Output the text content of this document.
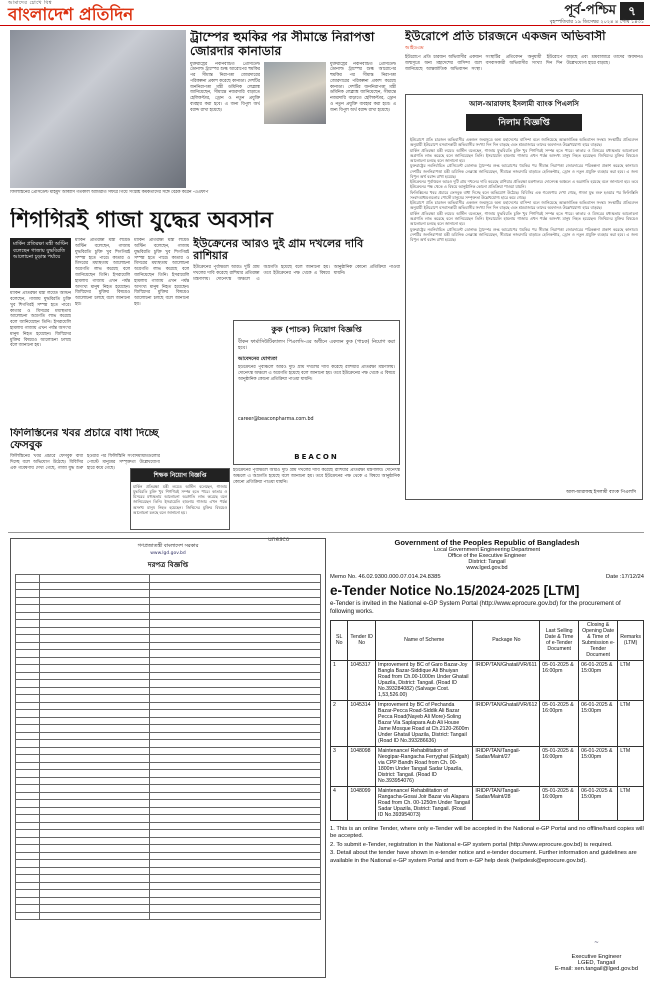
আমাদের চোখে বিশ্ব
বাংলাদেশ প্রতিদিন	পূর্ব-পশ্চিম	৭
বৃহস্পতিবার ১৯ ডিসেম্বর ২০২৪ ৪ পৌষ ১৪৩১
ফিলিস্তিনের প্রেসিডেন্ট মাহমুদ আব্বাস গতকাল আমিরাত সফরে গিয়ে সংশ্লিষ্ট কর্মকর্তাদের সঙ্গে বৈঠক করেন -এএফপি
ট্রাম্পের হুমকির পর সীমান্তে নিরাপত্তা জোরদার কানাডার
যুক্তরাষ্ট্রের নবনির্বাচিত প্রেসিডেন্ট ডোনাল্ড ট্রাম্পের শুল্ক আরোপের হুমকির পর সীমান্ত নিরাপত্তা জোরদারের পরিকল্পনা প্রকাশ করেছে কানাডা। দেশটির জননিরাপত্তা মন্ত্রী ডমিনিক লেব্ল্যাঙ্ক জানিয়েছেন, সীমান্তে নজরদারি বাড়াতে হেলিকপ্টার, ড্রোন ও নতুন প্রযুক্তি ব্যবহার করা হবে। এ জন্য বিপুল অর্থ বরাদ্দ রাখা হয়েছে।
যুক্তরাষ্ট্রের নবনির্বাচিত প্রেসিডেন্ট ডোনাল্ড ট্রাম্পের শুল্ক আরোপের হুমকির পর সীমান্ত নিরাপত্তা জোরদারের পরিকল্পনা প্রকাশ করেছে কানাডা। দেশটির জননিরাপত্তা মন্ত্রী ডমিনিক লেব্ল্যাঙ্ক জানিয়েছেন, সীমান্তে নজরদারি বাড়াতে হেলিকপ্টার, ড্রোন ও নতুন প্রযুক্তি ব্যবহার করা হবে। এ জন্য বিপুল অর্থ বরাদ্দ রাখা হয়েছে।
ইউরোপে প্রতি চারজনে একজন অভিবাসী
আইওএম
ইউরোপে প্রতি চারজন অভিবাসীর একজন জন্মসূত্রে অন্য মহাদেশের বাসিন্দা বলে জানিয়েছে আন্তর্জাতিক অভিবাসন সংস্থা। সংস্থাটির প্রতিবেদন অনুযায়ী ইউরোপে বসবাসকারী অভিবাসীর সংখ্যা দিন দিন বাড়ছে এবং শ্রমবাজারে তাদের অবদানও উল্লেখযোগ্য হারে বাড়ছে।
আল-আরাফাহ ইসলামী ব্যাংক পিএলসি
নিলাম বিজ্ঞপ্তি
ইউরোপে প্রতি চারজন অভিবাসীর একজন জন্মসূত্রে অন্য মহাদেশের বাসিন্দা বলে জানিয়েছে আন্তর্জাতিক অভিবাসন সংস্থা। সংস্থাটির প্রতিবেদন অনুযায়ী ইউরোপে বসবাসকারী অভিবাসীর সংখ্যা দিন দিন বাড়ছে এবং শ্রমবাজারে তাদের অবদানও উল্লেখযোগ্য হারে বাড়ছে।
মার্কিন প্রতিরক্ষা মন্ত্রী লয়েড অস্টিন বলেছেন, গাজায় যুদ্ধবিরতি চুক্তি খুব শিগগিরই সম্পন্ন হতে পারে। কাতার ও মিসরের মধ্যস্থতায় আলোচনা অগ্রগতি লাভ করেছে বলে জানিয়েছেন তিনি। ইসরায়েলি হামলায় গাজায় এখন পর্যন্ত অসংখ্য মানুষ নিহত হয়েছেন। জিম্মিদের মুক্তির বিষয়েও আলোচনা চলছে বলে জানানো হয়।
যুক্তরাষ্ট্রের নবনির্বাচিত প্রেসিডেন্ট ডোনাল্ড ট্রাম্পের শুল্ক আরোপের হুমকির পর সীমান্ত নিরাপত্তা জোরদারের পরিকল্পনা প্রকাশ করেছে কানাডা। দেশটির জননিরাপত্তা মন্ত্রী ডমিনিক লেব্ল্যাঙ্ক জানিয়েছেন, সীমান্তে নজরদারি বাড়াতে হেলিকপ্টার, ড্রোন ও নতুন প্রযুক্তি ব্যবহার করা হবে। এ জন্য বিপুল অর্থ বরাদ্দ রাখা হয়েছে।
ইউক্রেনের পূর্বাঞ্চলে আরও দুটি গ্রাম দখলের দাবি করেছে রাশিয়ার প্রতিরক্ষা মন্ত্রণালয়। দোনেৎস্ক অঞ্চলে এ অগ্রগতি হয়েছে বলে জানানো হয়। তবে ইউক্রেনের পক্ষ থেকে এ বিষয়ে আনুষ্ঠানিক কোনো প্রতিক্রিয়া পাওয়া যায়নি।
ফিলিস্তিনের খবর প্রচারে ফেসবুক বাধা দিচ্ছে বলে অভিযোগ উঠেছে। বিবিসির এক গবেষণায় দেখা গেছে, গাজা যুদ্ধ শুরু হওয়ার পর ফিলিস্তিনি সংবাদমাধ্যমগুলোর পোস্টে মানুষের সম্পৃক্ততা উল্লেখযোগ্য হারে কমে গেছে।
ইউরোপে প্রতি চারজন অভিবাসীর একজন জন্মসূত্রে অন্য মহাদেশের বাসিন্দা বলে জানিয়েছে আন্তর্জাতিক অভিবাসন সংস্থা। সংস্থাটির প্রতিবেদন অনুযায়ী ইউরোপে বসবাসকারী অভিবাসীর সংখ্যা দিন দিন বাড়ছে এবং শ্রমবাজারে তাদের অবদানও উল্লেখযোগ্য হারে বাড়ছে।
মার্কিন প্রতিরক্ষা মন্ত্রী লয়েড অস্টিন বলেছেন, গাজায় যুদ্ধবিরতি চুক্তি খুব শিগগিরই সম্পন্ন হতে পারে। কাতার ও মিসরের মধ্যস্থতায় আলোচনা অগ্রগতি লাভ করেছে বলে জানিয়েছেন তিনি। ইসরায়েলি হামলায় গাজায় এখন পর্যন্ত অসংখ্য মানুষ নিহত হয়েছেন। জিম্মিদের মুক্তির বিষয়েও আলোচনা চলছে বলে জানানো হয়।
যুক্তরাষ্ট্রের নবনির্বাচিত প্রেসিডেন্ট ডোনাল্ড ট্রাম্পের শুল্ক আরোপের হুমকির পর সীমান্ত নিরাপত্তা জোরদারের পরিকল্পনা প্রকাশ করেছে কানাডা। দেশটির জননিরাপত্তা মন্ত্রী ডমিনিক লেব্ল্যাঙ্ক জানিয়েছেন, সীমান্তে নজরদারি বাড়াতে হেলিকপ্টার, ড্রোন ও নতুন প্রযুক্তি ব্যবহার করা হবে। এ জন্য বিপুল অর্থ বরাদ্দ রাখা হয়েছে।
আল-আরাফাহ ইসলামী ব্যাংক পিএলসি
শিগগিরই গাজা যুদ্ধের অবসান
মার্কিন প্রতিরক্ষা মন্ত্রী অস্টিন বলেছেন গাজায় যুদ্ধবিরতি আলোচনা চূড়ান্ত পর্যায়ে
মার্কিন প্রতিরক্ষা মন্ত্রী লয়েড অস্টিন বলেছেন, গাজায় যুদ্ধবিরতি চুক্তি খুব শিগগিরই সম্পন্ন হতে পারে। কাতার ও মিসরের মধ্যস্থতায় আলোচনা অগ্রগতি লাভ করেছে বলে জানিয়েছেন তিনি। ইসরায়েলি হামলায় গাজায় এখন পর্যন্ত অসংখ্য মানুষ নিহত হয়েছেন। জিম্মিদের মুক্তির বিষয়েও আলোচনা চলছে বলে জানানো হয়।
মার্কিন প্রতিরক্ষা মন্ত্রী লয়েড অস্টিন বলেছেন, গাজায় যুদ্ধবিরতি চুক্তি খুব শিগগিরই সম্পন্ন হতে পারে। কাতার ও মিসরের মধ্যস্থতায় আলোচনা অগ্রগতি লাভ করেছে বলে জানিয়েছেন তিনি। ইসরায়েলি হামলায় গাজায় এখন পর্যন্ত অসংখ্য মানুষ নিহত হয়েছেন। জিম্মিদের মুক্তির বিষয়েও আলোচনা চলছে বলে জানানো হয়।
মার্কিন প্রতিরক্ষা মন্ত্রী লয়েড অস্টিন বলেছেন, গাজায় যুদ্ধবিরতি চুক্তি খুব শিগগিরই সম্পন্ন হতে পারে। কাতার ও মিসরের মধ্যস্থতায় আলোচনা অগ্রগতি লাভ করেছে বলে জানিয়েছেন তিনি। ইসরায়েলি হামলায় গাজায় এখন পর্যন্ত অসংখ্য মানুষ নিহত হয়েছেন। জিম্মিদের মুক্তির বিষয়েও আলোচনা চলছে বলে জানানো হয়।
ইউক্রেনের আরও দুই গ্রাম দখলের দাবি রাশিয়ার
ইউক্রেনের পূর্বাঞ্চলে আরও দুটি গ্রাম দখলের দাবি করেছে রাশিয়ার প্রতিরক্ষা মন্ত্রণালয়। দোনেৎস্ক অঞ্চলে এ অগ্রগতি হয়েছে বলে জানানো হয়। তবে ইউক্রেনের পক্ষ থেকে এ বিষয়ে আনুষ্ঠানিক কোনো প্রতিক্রিয়া পাওয়া যায়নি।
কুক (পাচক) নিয়োগ বিজ্ঞপ্তি
বীকন ফার্মাসিউটিক্যালস পিএলসি-এর অধীনে একজন কুক (পাচক) নিয়োগ করা হবে।
আবেদনের যোগ্যতা
ইউক্রেনের পূর্বাঞ্চলে আরও দুটি গ্রাম দখলের দাবি করেছে রাশিয়ার প্রতিরক্ষা মন্ত্রণালয়। দোনেৎস্ক অঞ্চলে এ অগ্রগতি হয়েছে বলে জানানো হয়। তবে ইউক্রেনের পক্ষ থেকে এ বিষয়ে আনুষ্ঠানিক কোনো প্রতিক্রিয়া পাওয়া যায়নি।
career@beaconpharma.com.bd
BEACON
ফিলিস্তিনের খবর প্রচারে বাধা দিচ্ছে ফেসবুক
ফিলিস্তিনের খবর প্রচারে ফেসবুক বাধা দিচ্ছে বলে অভিযোগ উঠেছে। বিবিসির এক গবেষণায় দেখা গেছে, গাজা যুদ্ধ শুরু হওয়ার পর ফিলিস্তিনি সংবাদমাধ্যমগুলোর পোস্টে মানুষের সম্পৃক্ততা উল্লেখযোগ্য হারে কমে গেছে।
শিক্ষক নিয়োগ বিজ্ঞপ্তি
মার্কিন প্রতিরক্ষা মন্ত্রী লয়েড অস্টিন বলেছেন, গাজায় যুদ্ধবিরতি চুক্তি খুব শিগগিরই সম্পন্ন হতে পারে। কাতার ও মিসরের মধ্যস্থতায় আলোচনা অগ্রগতি লাভ করেছে বলে জানিয়েছেন তিনি। ইসরায়েলি হামলায় গাজায় এখন পর্যন্ত অসংখ্য মানুষ নিহত হয়েছেন। জিম্মিদের মুক্তির বিষয়েও আলোচনা চলছে বলে জানানো হয়।
ইউক্রেনের পূর্বাঞ্চলে আরও দুটি গ্রাম দখলের দাবি করেছে রাশিয়ার প্রতিরক্ষা মন্ত্রণালয়। দোনেৎস্ক অঞ্চলে এ অগ্রগতি হয়েছে বলে জানানো হয়। তবে ইউক্রেনের পক্ষ থেকে এ বিষয়ে আনুষ্ঠানিক কোনো প্রতিক্রিয়া পাওয়া যায়নি।
গণপ্রজাতন্ত্রী বাংলাদেশ সরকার
www.lgd.gov.bd
দরপত্র বিজ্ঞপ্তি

unesco	Government of the Peoples Republic of Bangladesh
Local Government Engineering Department
Office of the Executive Engineer
District: Tangail
www.lged.gov.bd
Memo No. 46.02.9300.000.07.014.24.8385	Date :17/12/24
e-Tender Notice No.15/2024-2025 [LTM]
e-Tender is invited in the National e-GP System Portal (http://www.eprocure.gov.bd) for the procurement of following works.
SL No	Tender ID No	Name of Scheme	Package No	Last Selling Date & Time of e-Tender Document	Closing & Opening Date & Time of Submission e-Tender Document	Remarks (LTM)
1	1045317	Improvement by BC of Garo Bazar-Joy Bangla Bazar-Siddique Ali Bhuiyan Road from Ch.00-1000m Under Ghatail Upazila, District: Tangail. (Road ID No.393284082) (Salvage Cost. 1,53,526.00)	IRIDP/TAN/Ghatail/VR/611	05-01-2025 & 16:00pm	06-01-2025 & 15:00pm	LTM
2	1045314	Improvement by BC of Pechanda Bazar-Pecca Road-Siddik Ali Bazar Pecca Road(Nayeb Ali More)-Soling Bazar Via Saplapara Aub Ali House Jame Mosque Road at Ch.2120-2600m Under Ghatail Upazila, District: Tangail (Road ID No.393286636)	IRIDP/TAN/Ghatail/VR/612	05-01-2025 & 16:00pm	06-01-2025 & 15:00pm	LTM
3	1048098	Maintenance/ Rehabilitation of Neogipar-Rangacha Ferryghat (Eidgah) via CPP Bandh Road from Ch. 00- 1800m Under Tangail Sadar Upazila, District: Tangail. (Road ID No.393954076)	IRIDP/TAN/Tangail-Sadar/Maint/27	05-01-2025 & 16:00pm	06-01-2025 & 15:00pm	LTM
4	1048099	Maintenance/ Rehabilitation of Rangacha-Gosai Joir Bazar via Alapara Road from Ch. 00-1250m Under Tangail Sadar Upazila, District: Tangail. (Road ID No.393954073)	IRIDP/TAN/Tangail-Sadar/Maint/28	05-01-2025 & 16:00pm	06-01-2025 & 15:00pm	LTM
1. This is an online Tender, where only e-Tender will be accepted in the National e-GP Portal and no offline/hard copies will be accepted.
2. To submit e-Tender, registration in the National e-GP system portal (http://www.eprocure.gov.bd) is required.
3. Detail about the tender have shown in e-tender notice and e-tender document. Further information and guidelines are available in the National e-GP system Portal and from e-GP help desk (helpdesk@eprocure.gov.bd).
~
Executive Engineer
LGED, Tangail
E-mail: xen.tangail@lged.gov.bd
